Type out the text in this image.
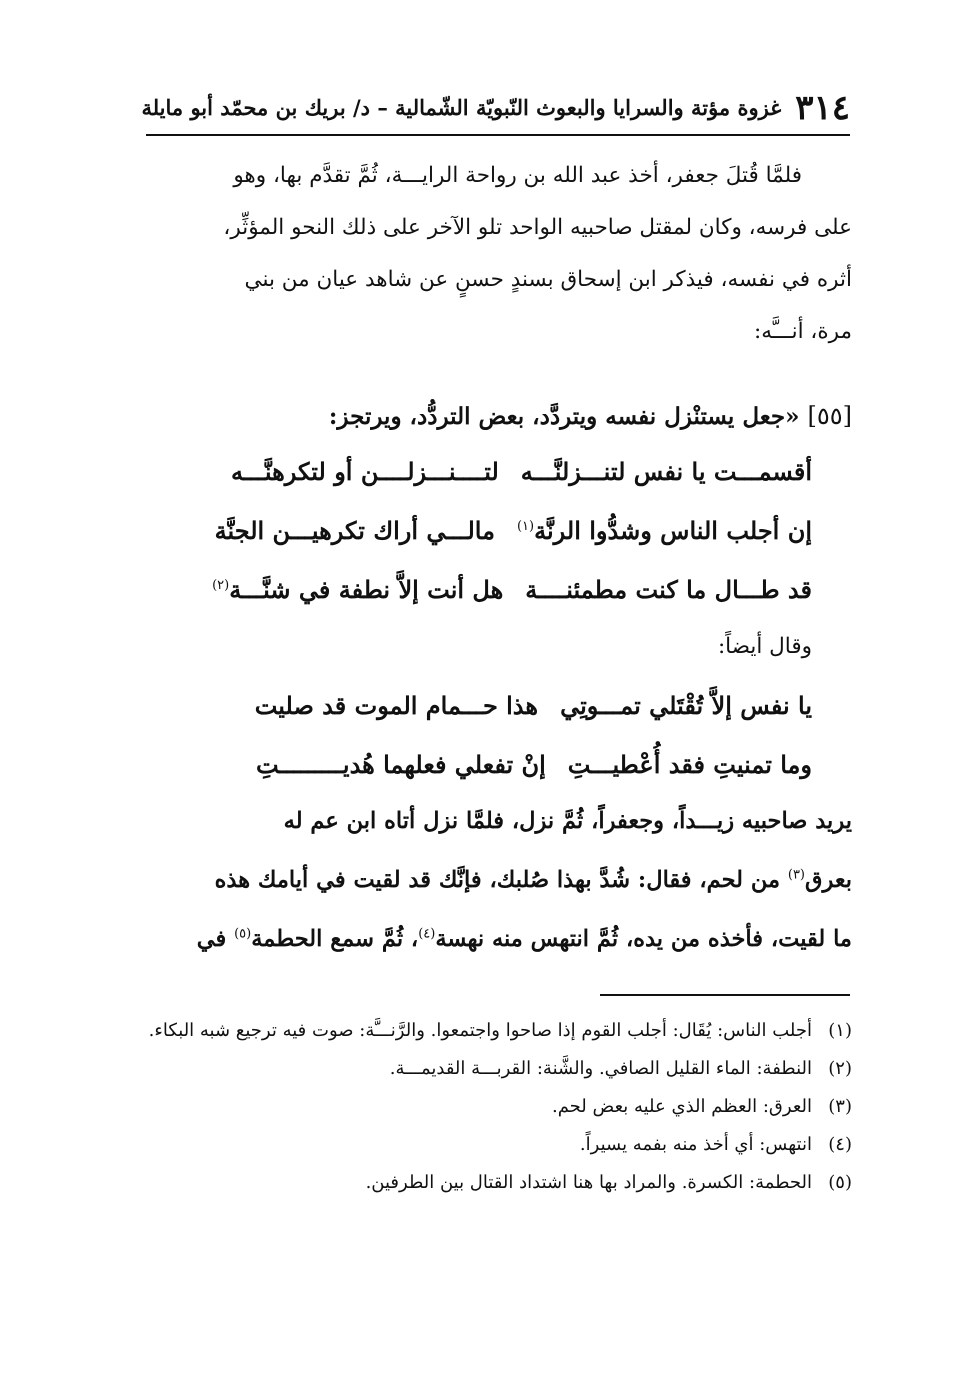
٣١٤
غزوة مؤتة والسرايا والبعوث النّبويّة الشّمالية – د/ بريك بن محمّد أبو مايلة

فلمَّا قُتلَ جعفر، أخذ عبد الله بن رواحة الرايـــة، ثُمَّ تقدَّم بها، وهو

على فرسه، وكان لمقتل صاحبيه الواحد تلو الآخر على ذلك النحو المؤثِّر،

أثره في نفسه، فيذكر ابن إسحاق بسندٍ حسنٍ عن شاهد عيان من بني

مرة، أنـــَّه:

[٥٥] «جعل يستنْزل نفسه ويتردَّد، بعض التردُّد، ويرتجز:
أقسمـــت يا نفس لتنـــزلنَّـــهلتــــنـــزلــــن أو لتكرهنَّـــه
إن أجلب الناس وشدُّوا الرنَّة$^{(١)}$مالـــي أراك تكرهيـــن الجنَّة
قد طـــال ما كنت مطمئنــــةهل أنت إلاَّ نطفة في شنَّـــة$^{(٢)}$
وقال أيضاً:
يا نفس إلاَّ تُقْتَلي تمـــوتِيهذا حـــمام الموت قد صليت
وما تمنيتِ فقد أُعْطيـــتِإنْ تفعلي فعلهما هُديـــــــــتِ

يريد صاحبيه زيـــداً، وجعفراً، ثُمَّ نزل، فلمَّا نزل أتاه ابن عم له

بعرق$^{(٣)}$ من لحم، فقال: شُدَّ بهذا صُلبك، فإنَّك قد لقيت في أيامك هذه

ما لقيت، فأخذه من يده، ثُمَّ انتهس منه نهسة$^{(٤)}$، ثُمَّ سمع الحطمة$^{(٥)}$ في

(١)
أجلب الناس: يُقَال: أجلب القوم إذا صاحوا واجتمعوا. والرَّنـــَّة: صوت فيه ترجيع شبه البكاء.
(٢)
النطفة: الماء القليل الصافي. والشَّنة: القربـــة القديمـــة.
(٣)
العرق: العظم الذي عليه بعض لحم.
(٤)
انتهس: أي أخذ منه بفمه يسيراً.
(٥)
الحطمة: الكسرة. والمراد بها هنا اشتداد القتال بين الطرفين.
